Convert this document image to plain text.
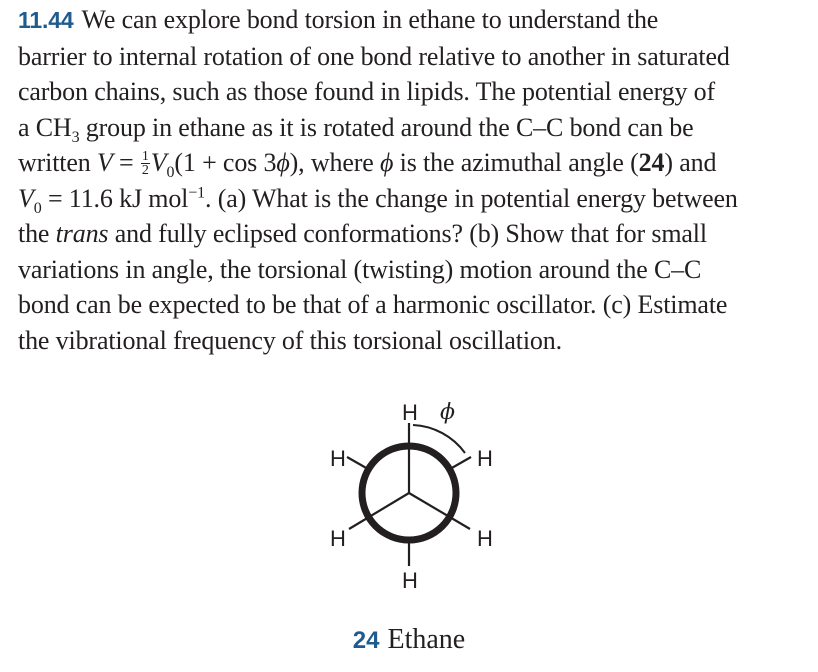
11.44 We can explore bond torsion in ethane to understand the
barrier to internal rotation of one bond relative to another in saturated
carbon chains, such as those found in lipids. The potential energy of
a $CH_3$ group in ethane as it is rotated around the C–C bond can be
written $V = \frac{1}{2} V_0(1 + \cos 3\phi)$, where ϕ is the azimuthal angle (24) and
$V_0 = 11.6$ kJ mol$^{-1}$. (a) What is the change in potential energy between
the trans and fully eclipsed conformations? (b) Show that for small
variations in angle, the torsional (twisting) motion around the C–C
bond can be expected to be that of a harmonic oscillator. (c) Estimate
the vibrational frequency of this torsional oscillation.
H ϕ
H	H
H	H
H
24 Ethane
